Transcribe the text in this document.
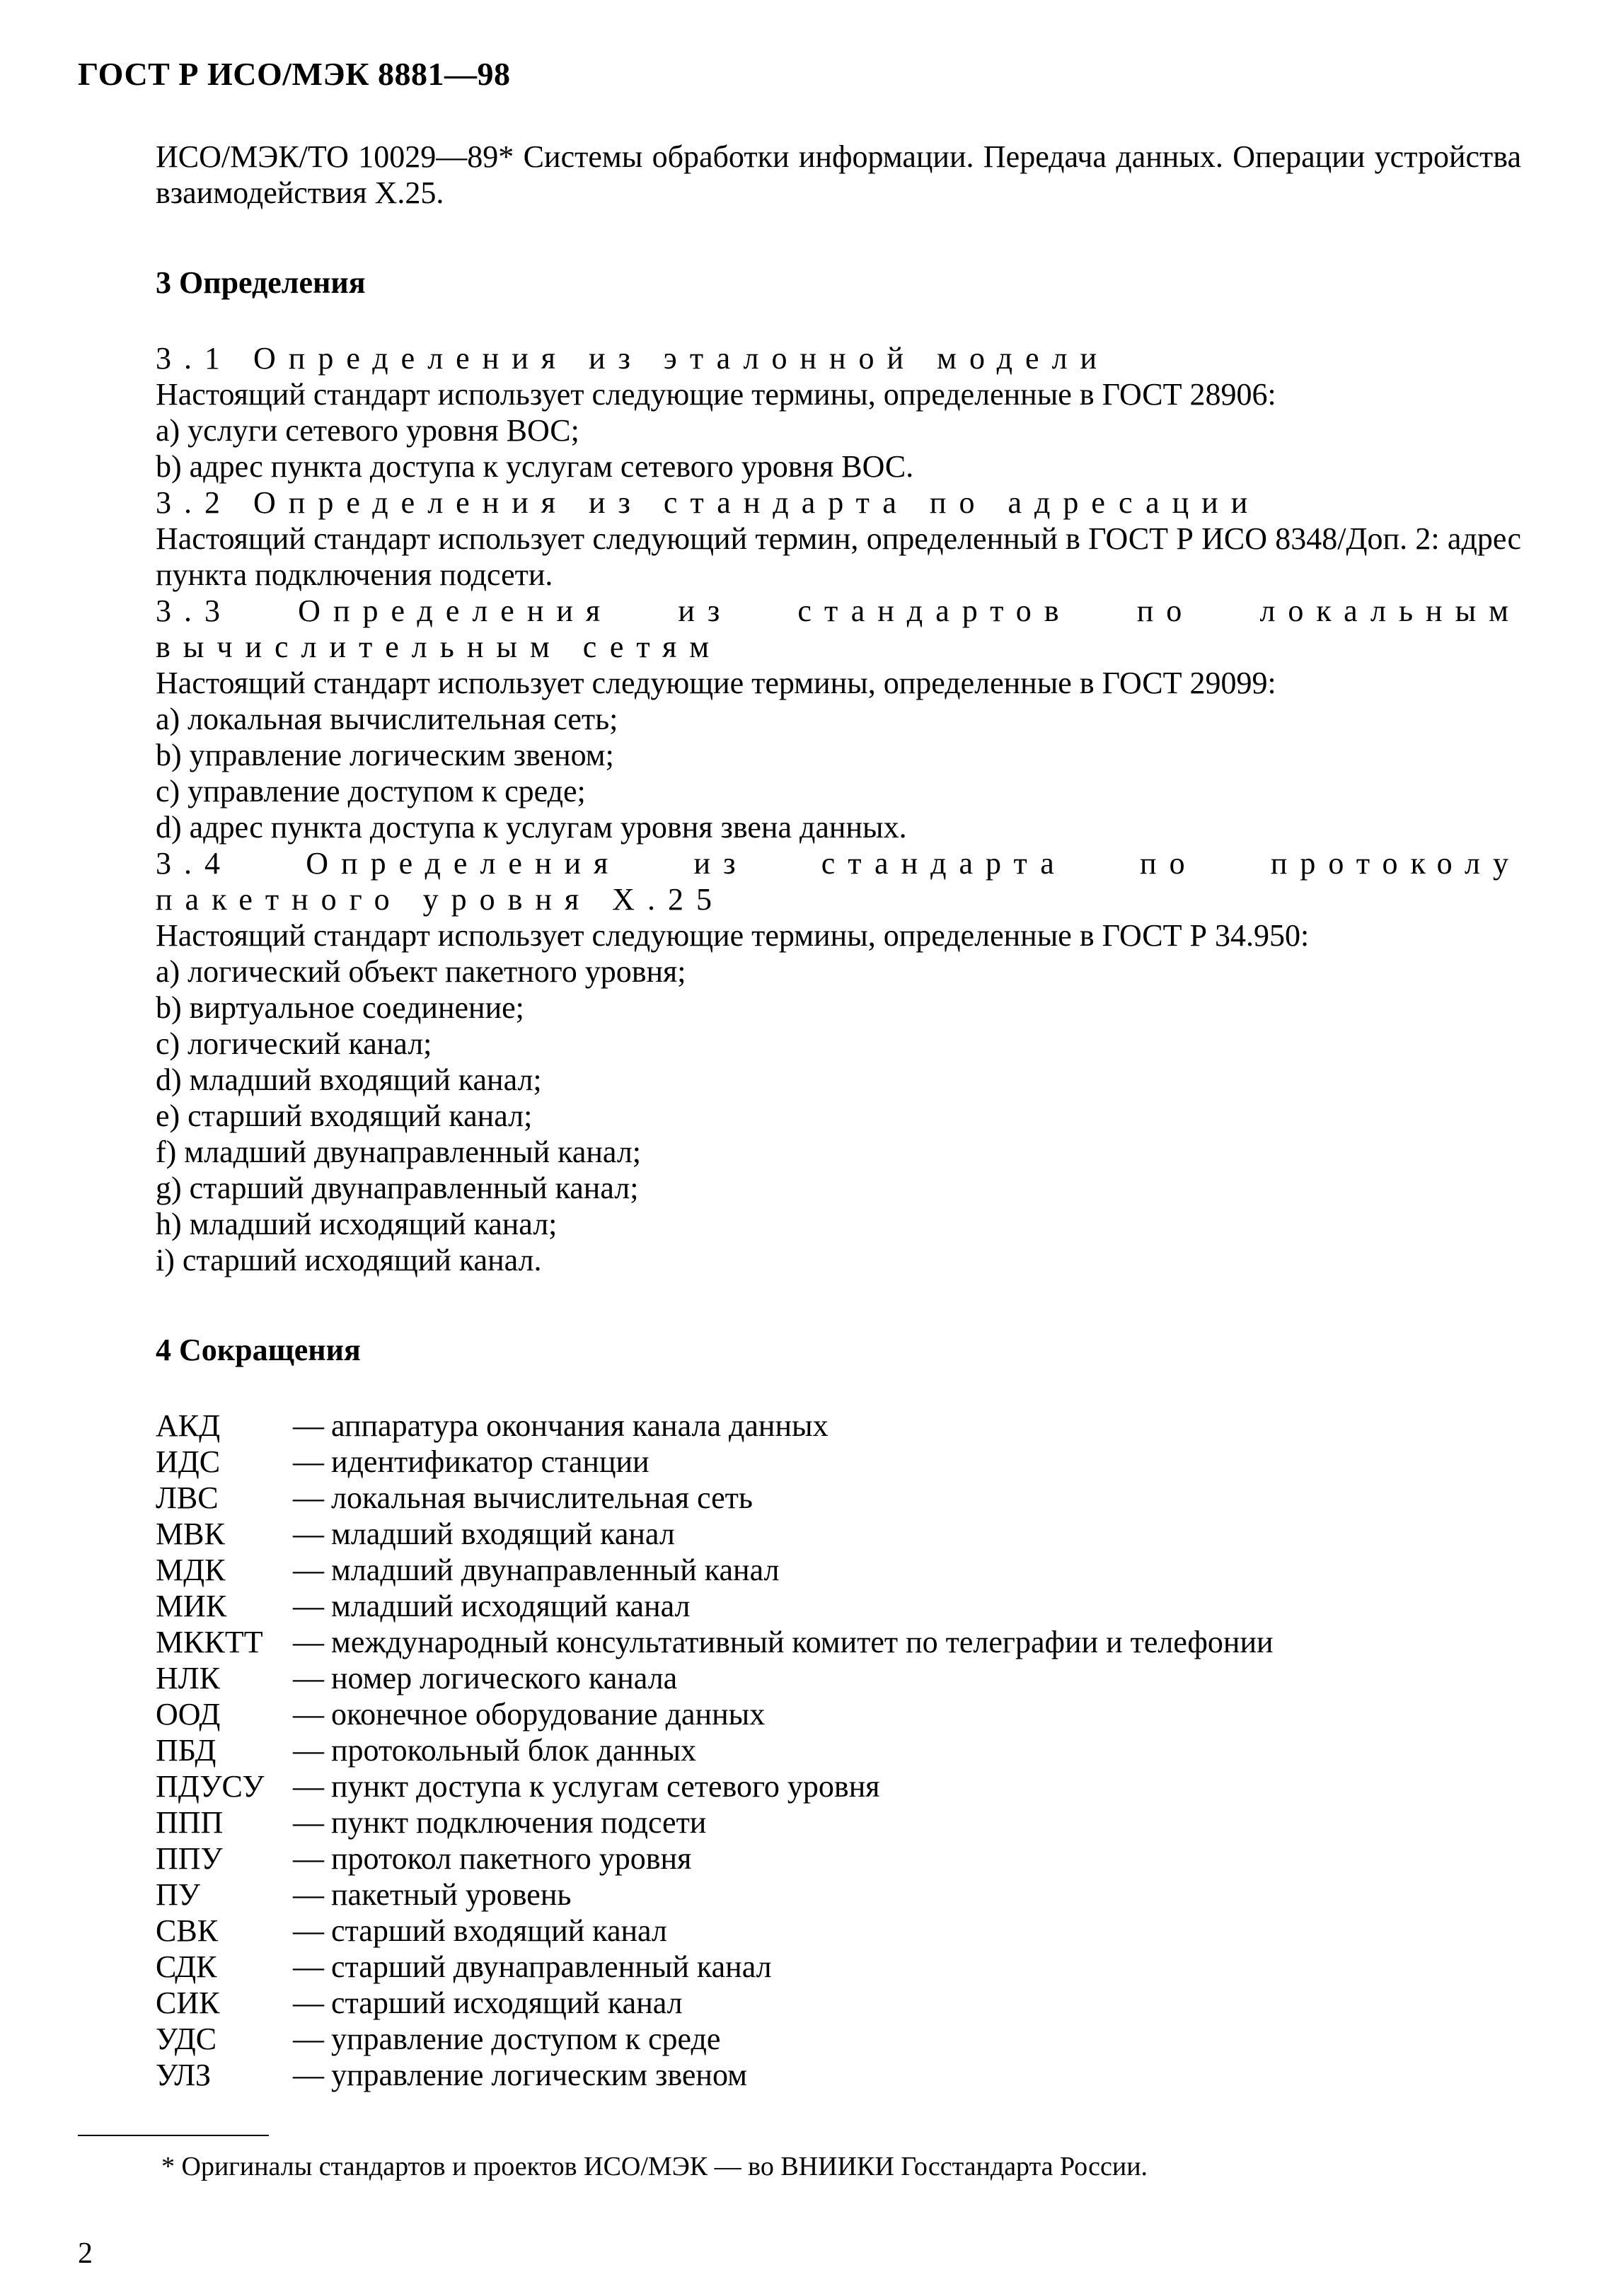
ГОСТ Р ИСО/МЭК 8881—98

ИСО/МЭК/ТО 10029—89* Системы обработки информации. Передача данных. Операции устройства взаимодействия X.25.

3 Определения

3.1 Определения из эталонной модели

Настоящий стандарт использует следующие термины, определенные в ГОСТ 28906:

a) услуги сетевого уровня ВОС;

b) адрес пункта доступа к услугам сетевого уровня ВОС.

3.2 Определения из стандарта по адресации

Настоящий стандарт использует следующий термин, определенный в ГОСТ Р ИСО 8348/Доп. 2: адрес пункта подключения подсети.

3.3 Определения из стандартов по локальным вычислительным сетям

Настоящий стандарт использует следующие термины, определенные в ГОСТ 29099:

a) локальная вычислительная сеть;

b) управление логическим звеном;

c) управление доступом к среде;

d) адрес пункта доступа к услугам уровня звена данных.

3.4 Определения из стандарта по протоколу пакетного уровня X.25

Настоящий стандарт использует следующие термины, определенные в ГОСТ Р 34.950:

a) логический объект пакетного уровня;

b) виртуальное соединение;

c) логический канал;

d) младший входящий канал;

e) старший входящий канал;

f) младший двунаправленный канал;

g) старший двунаправленный канал;

h) младший исходящий канал;

i) старший исходящий канал.

4 Сокращения

АКД	—	аппаратура окончания канала данных
ИДС	—	идентификатор станции
ЛВС	—	локальная вычислительная сеть
МВК	—	младший входящий канал
МДК	—	младший двунаправленный канал
МИК	—	младший исходящий канал
МККТТ	—	международный консультативный комитет по телеграфии и телефонии
НЛК	—	номер логического канала
ООД	—	оконечное оборудование данных
ПБД	—	протокольный блок данных
ПДУСУ	—	пункт доступа к услугам сетевого уровня
ППП	—	пункт подключения подсети
ППУ	—	протокол пакетного уровня
ПУ	—	пакетный уровень
СВК	—	старший входящий канал
СДК	—	старший двунаправленный канал
СИК	—	старший исходящий канал
УДС	—	управление доступом к среде
УЛЗ	—	управление логическим звеном
* Оригиналы стандартов и проектов ИСО/МЭК — во ВНИИКИ Госстандарта России.
2
